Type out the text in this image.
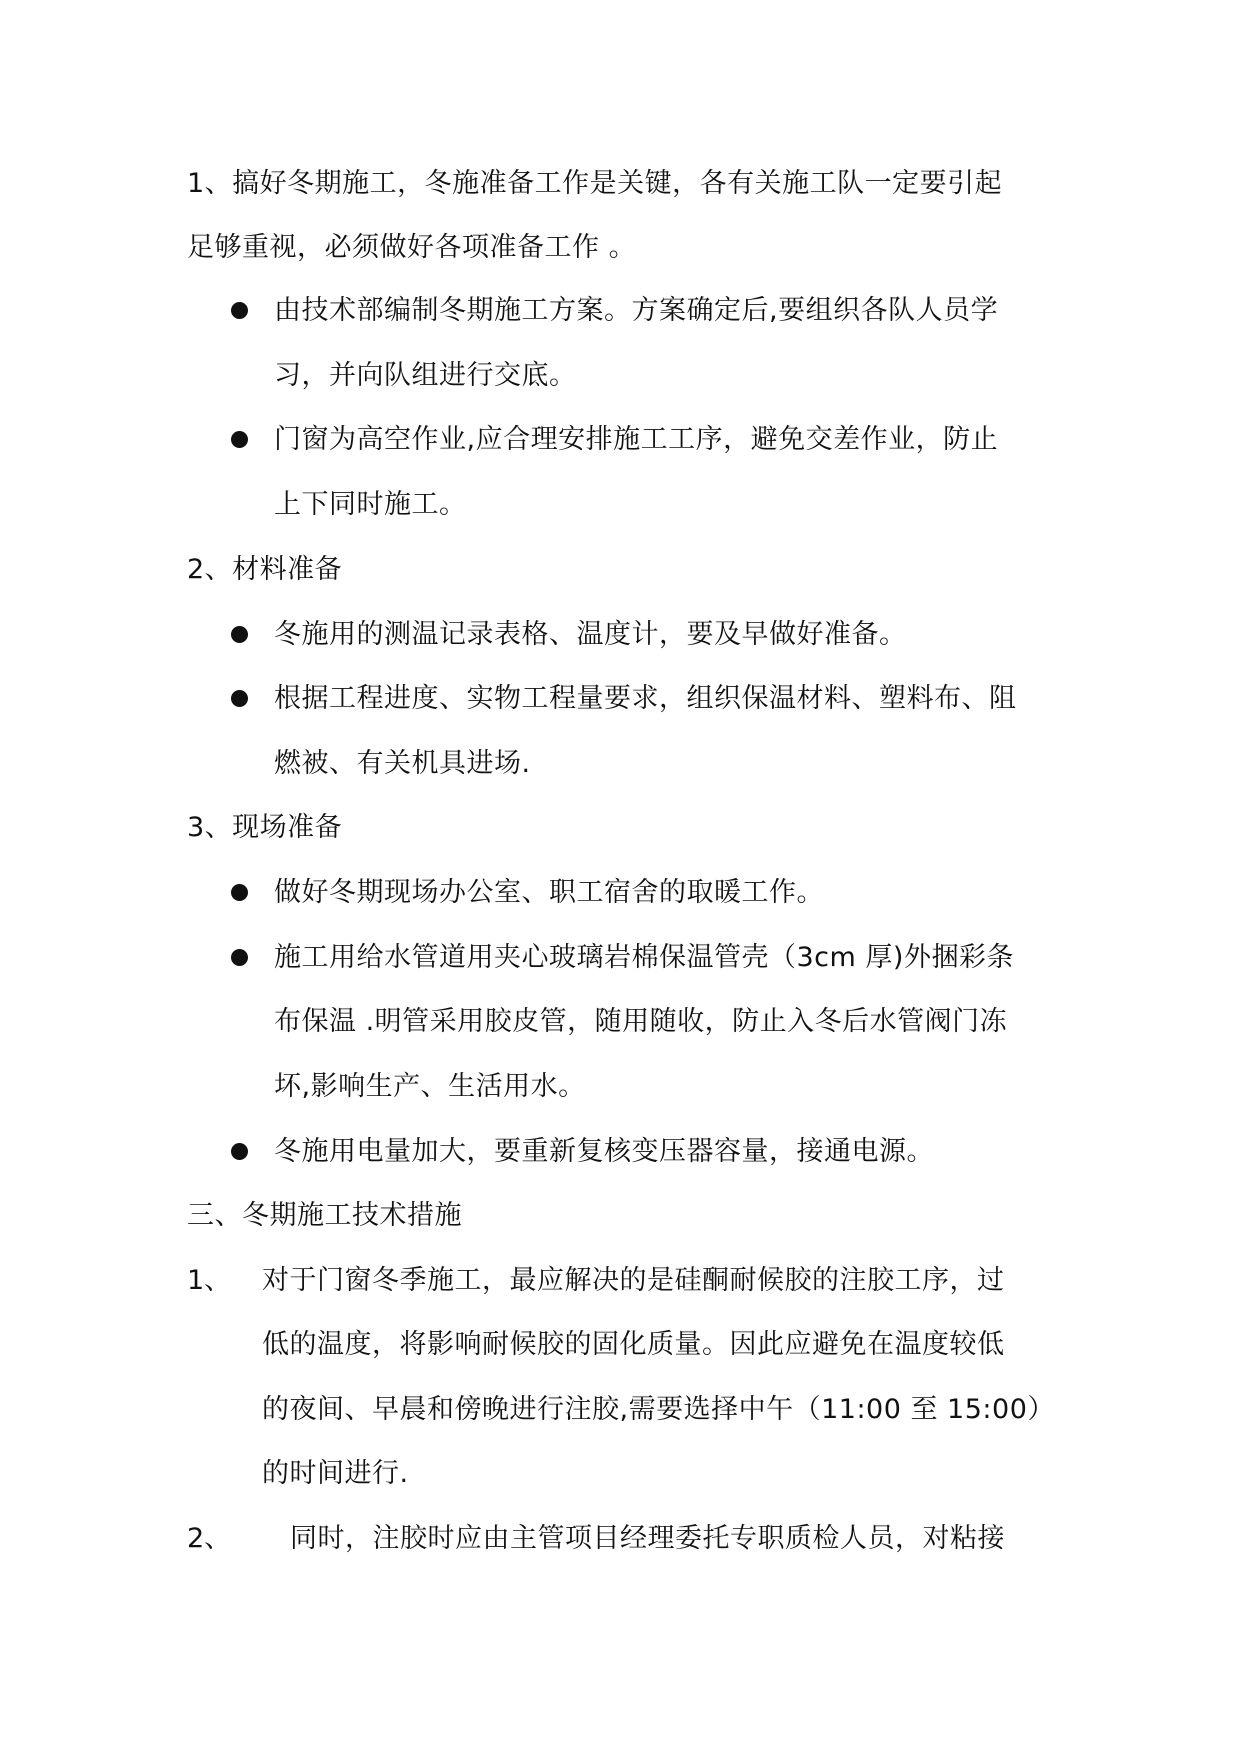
1、搞好冬期施工，冬施准备工作是关键，各有关施工队一定要引起
足够重视，必须做好各项准备工作 。
由技术部编制冬期施工方案。方案确定后,要组织各队人员学
习，并向队组进行交底。
门窗为高空作业,应合理安排施工工序，避免交差作业，防止
上下同时施工。
2、材料准备
冬施用的测温记录表格、温度计，要及早做好准备。
根据工程进度、实物工程量要求，组织保温材料、塑料布、阻
燃被、有关机具进场.
3、现场准备
做好冬期现场办公室、职工宿舍的取暖工作。
施工用给水管道用夹心玻璃岩棉保温管壳（3cm 厚)外捆彩条
布保温 .明管采用胶皮管，随用随收，防止入冬后水管阀门冻
坏,影响生产、生活用水。
冬施用电量加大，要重新复核变压器容量，接通电源。
三、冬期施工技术措施
1、 对于门窗冬季施工，最应解决的是硅酮耐候胶的注胶工序，过
低的温度，将影响耐候胶的固化质量。因此应避免在温度较低
的夜间、早晨和傍晚进行注胶,需要选择中午（11:00 至 15:00）
的时间进行.
2、 同时，注胶时应由主管项目经理委托专职质检人员，对粘接
